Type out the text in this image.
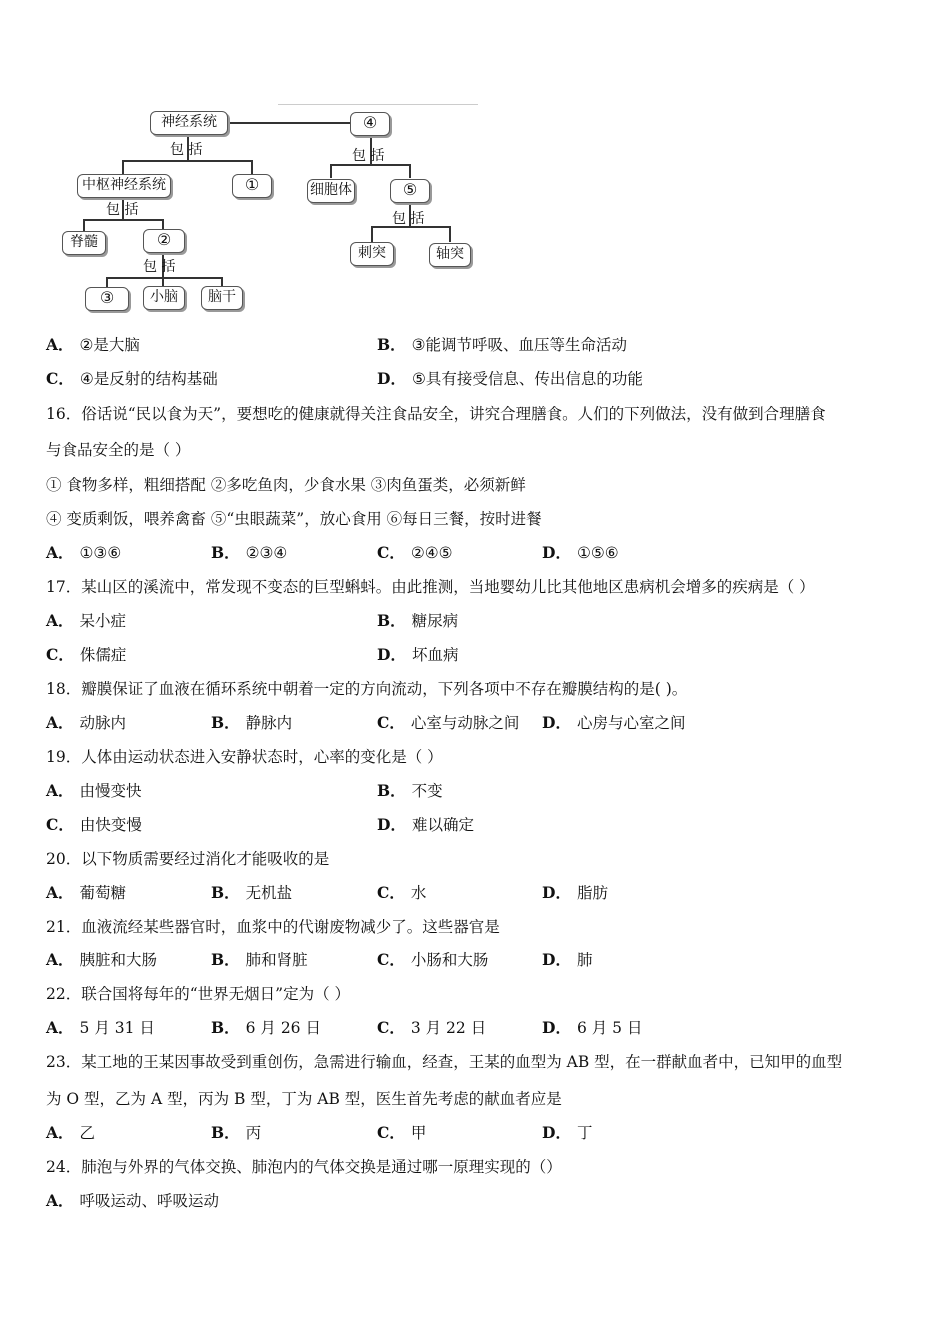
包 括	包 括
包 括
包 括
包 括
神经系统	④
中枢神经系统	①	细胞体	⑤
脊髓	②
刺突	轴突
③	小脑	脑干
A． ②是大脑	B． ③能调节呼吸、血压等生命活动
C． ④是反射的结构基础	D． ⑤具有接受信息、传出信息的功能
16．俗话说“民以食为天”，要想吃的健康就得关注食品安全，讲究合理膳食。人们的下列做法，没有做到合理膳食
与食品安全的是（ ）
① 食物多样，粗细搭配 ②多吃鱼肉，少食水果 ③肉鱼蛋类，必须新鲜
④ 变质剩饭，喂养禽畜 ⑤“虫眼蔬菜”，放心食用 ⑥每日三餐，按时进餐
A． ①③⑥	B． ②③④	C． ②④⑤	D． ①⑤⑥
17．某山区的溪流中，常发现不变态的巨型蝌蚪。由此推测，当地婴幼儿比其他地区患病机会增多的疾病是（ ）
A． 呆小症	B． 糖尿病
C． 侏儒症	D． 坏血病
18．瓣膜保证了血液在循环系统中朝着一定的方向流动，下列各项中不存在瓣膜结构的是( )。
A． 动脉内	B． 静脉内	C． 心室与动脉之间 D． 心房与心室之间
19．人体由运动状态进入安静状态时，心率的变化是（ ）
A． 由慢变快	B． 不变
C． 由快变慢	D． 难以确定
20．以下物质需要经过消化才能吸收的是
A． 葡萄糖	B． 无机盐	C． 水	D． 脂肪
21．血液流经某些器官时，血浆中的代谢废物减少了。这些器官是
A． 胰脏和大肠	B． 肺和肾脏	C． 小肠和大肠	D． 肺
22．联合国将每年的“世界无烟日”定为（ ）
A． 5 月 31 日	B． 6 月 26 日	C． 3 月 22 日	D． 6 月 5 日
23．某工地的王某因事故受到重创伤，急需进行输血，经查，王某的血型为 AB 型，在一群献血者中，已知甲的血型
为 O 型，乙为 A 型，丙为 B 型，丁为 AB 型，医生首先考虑的献血者应是
A． 乙	B． 丙	C． 甲	D． 丁
24．肺泡与外界的气体交换、肺泡内的气体交换是通过哪一原理实现的（）
A． 呼吸运动、呼吸运动
